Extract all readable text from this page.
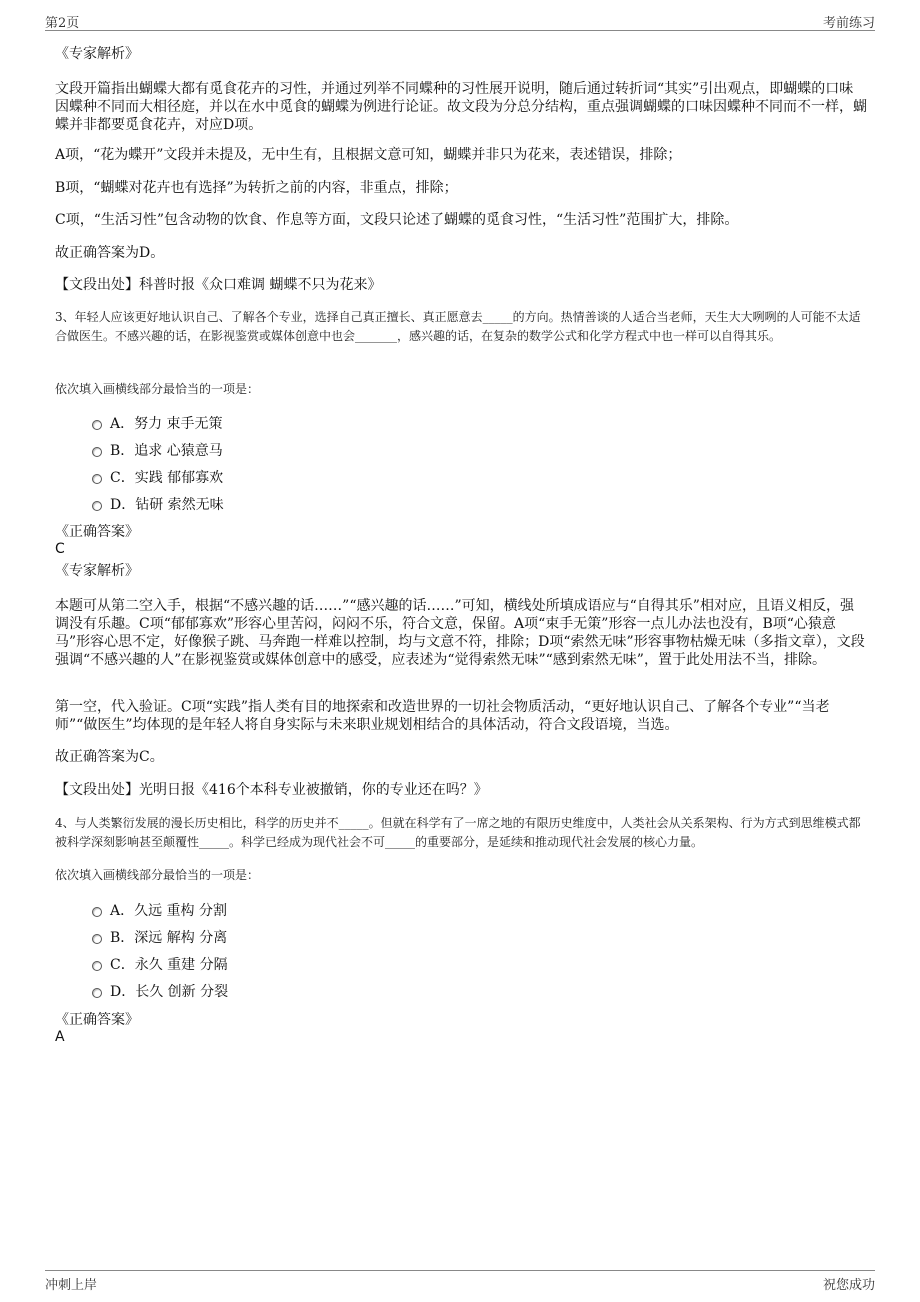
第2页	考前练习

《专家解析》

文段开篇指出蝴蝶大都有觅食花卉的习性，并通过列举不同蝶种的习性展开说明，随后通过转折词“其实”引出观点，即蝴蝶的口味因蝶种不同而大相径庭，并以在水中觅食的蝴蝶为例进行论证。故文段为分总分结构，重点强调蝴蝶的口味因蝶种不同而不一样，蝴蝶并非都要觅食花卉，对应D项。

A项，“花为蝶开”文段并未提及，无中生有，且根据文意可知，蝴蝶并非只为花来，表述错误，排除；

B项，“蝴蝶对花卉也有选择”为转折之前的内容，非重点，排除；

C项，“生活习性”包含动物的饮食、作息等方面，文段只论述了蝴蝶的觅食习性，“生活习性”范围扩大，排除。

故正确答案为D。

【文段出处】科普时报《众口难调 蝴蝶不只为花来》

3、年轻人应该更好地认识自己、了解各个专业，选择自己真正擅长、真正愿意去_____的方向。热情善谈的人适合当老师，天生大大咧咧的人可能不太适合做医生。不感兴趣的话，在影视鉴赏或媒体创意中也会_______，感兴趣的话，在复杂的数学公式和化学方程式中也一样可以自得其乐。

依次填入画横线部分最恰当的一项是：

A．努力 束手无策
B．追求 心猿意马
C．实践 郁郁寡欢
D．钻研 索然无味

《正确答案》

C

《专家解析》

本题可从第二空入手，根据“不感兴趣的话……”“感兴趣的话……”可知，横线处所填成语应与“自得其乐”相对应，且语义相反，强调没有乐趣。C项“郁郁寡欢”形容心里苦闷，闷闷不乐，符合文意，保留。A项“束手无策”形容一点儿办法也没有，B项“心猿意马”形容心思不定，好像猴子跳、马奔跑一样难以控制，均与文意不符，排除；D项“索然无味”形容事物枯燥无味（多指文章），文段强调“不感兴趣的人”在影视鉴赏或媒体创意中的感受，应表述为“觉得索然无味”“感到索然无味”，置于此处用法不当，排除。

第一空，代入验证。C项“实践”指人类有目的地探索和改造世界的一切社会物质活动，“更好地认识自己、了解各个专业”“当老师”“做医生”均体现的是年轻人将自身实际与未来职业规划相结合的具体活动，符合文段语境，当选。

故正确答案为C。

【文段出处】光明日报《416个本科专业被撤销，你的专业还在吗？》

4、与人类繁衍发展的漫长历史相比，科学的历史并不_____。但就在科学有了一席之地的有限历史维度中，人类社会从关系架构、行为方式到思维模式都被科学深刻影响甚至颠覆性_____。科学已经成为现代社会不可_____的重要部分，是延续和推动现代社会发展的核心力量。

依次填入画横线部分最恰当的一项是：

A．久远 重构 分割
B．深远 解构 分离
C．永久 重建 分隔
D．长久 创新 分裂

《正确答案》

A
冲刺上岸	祝您成功
